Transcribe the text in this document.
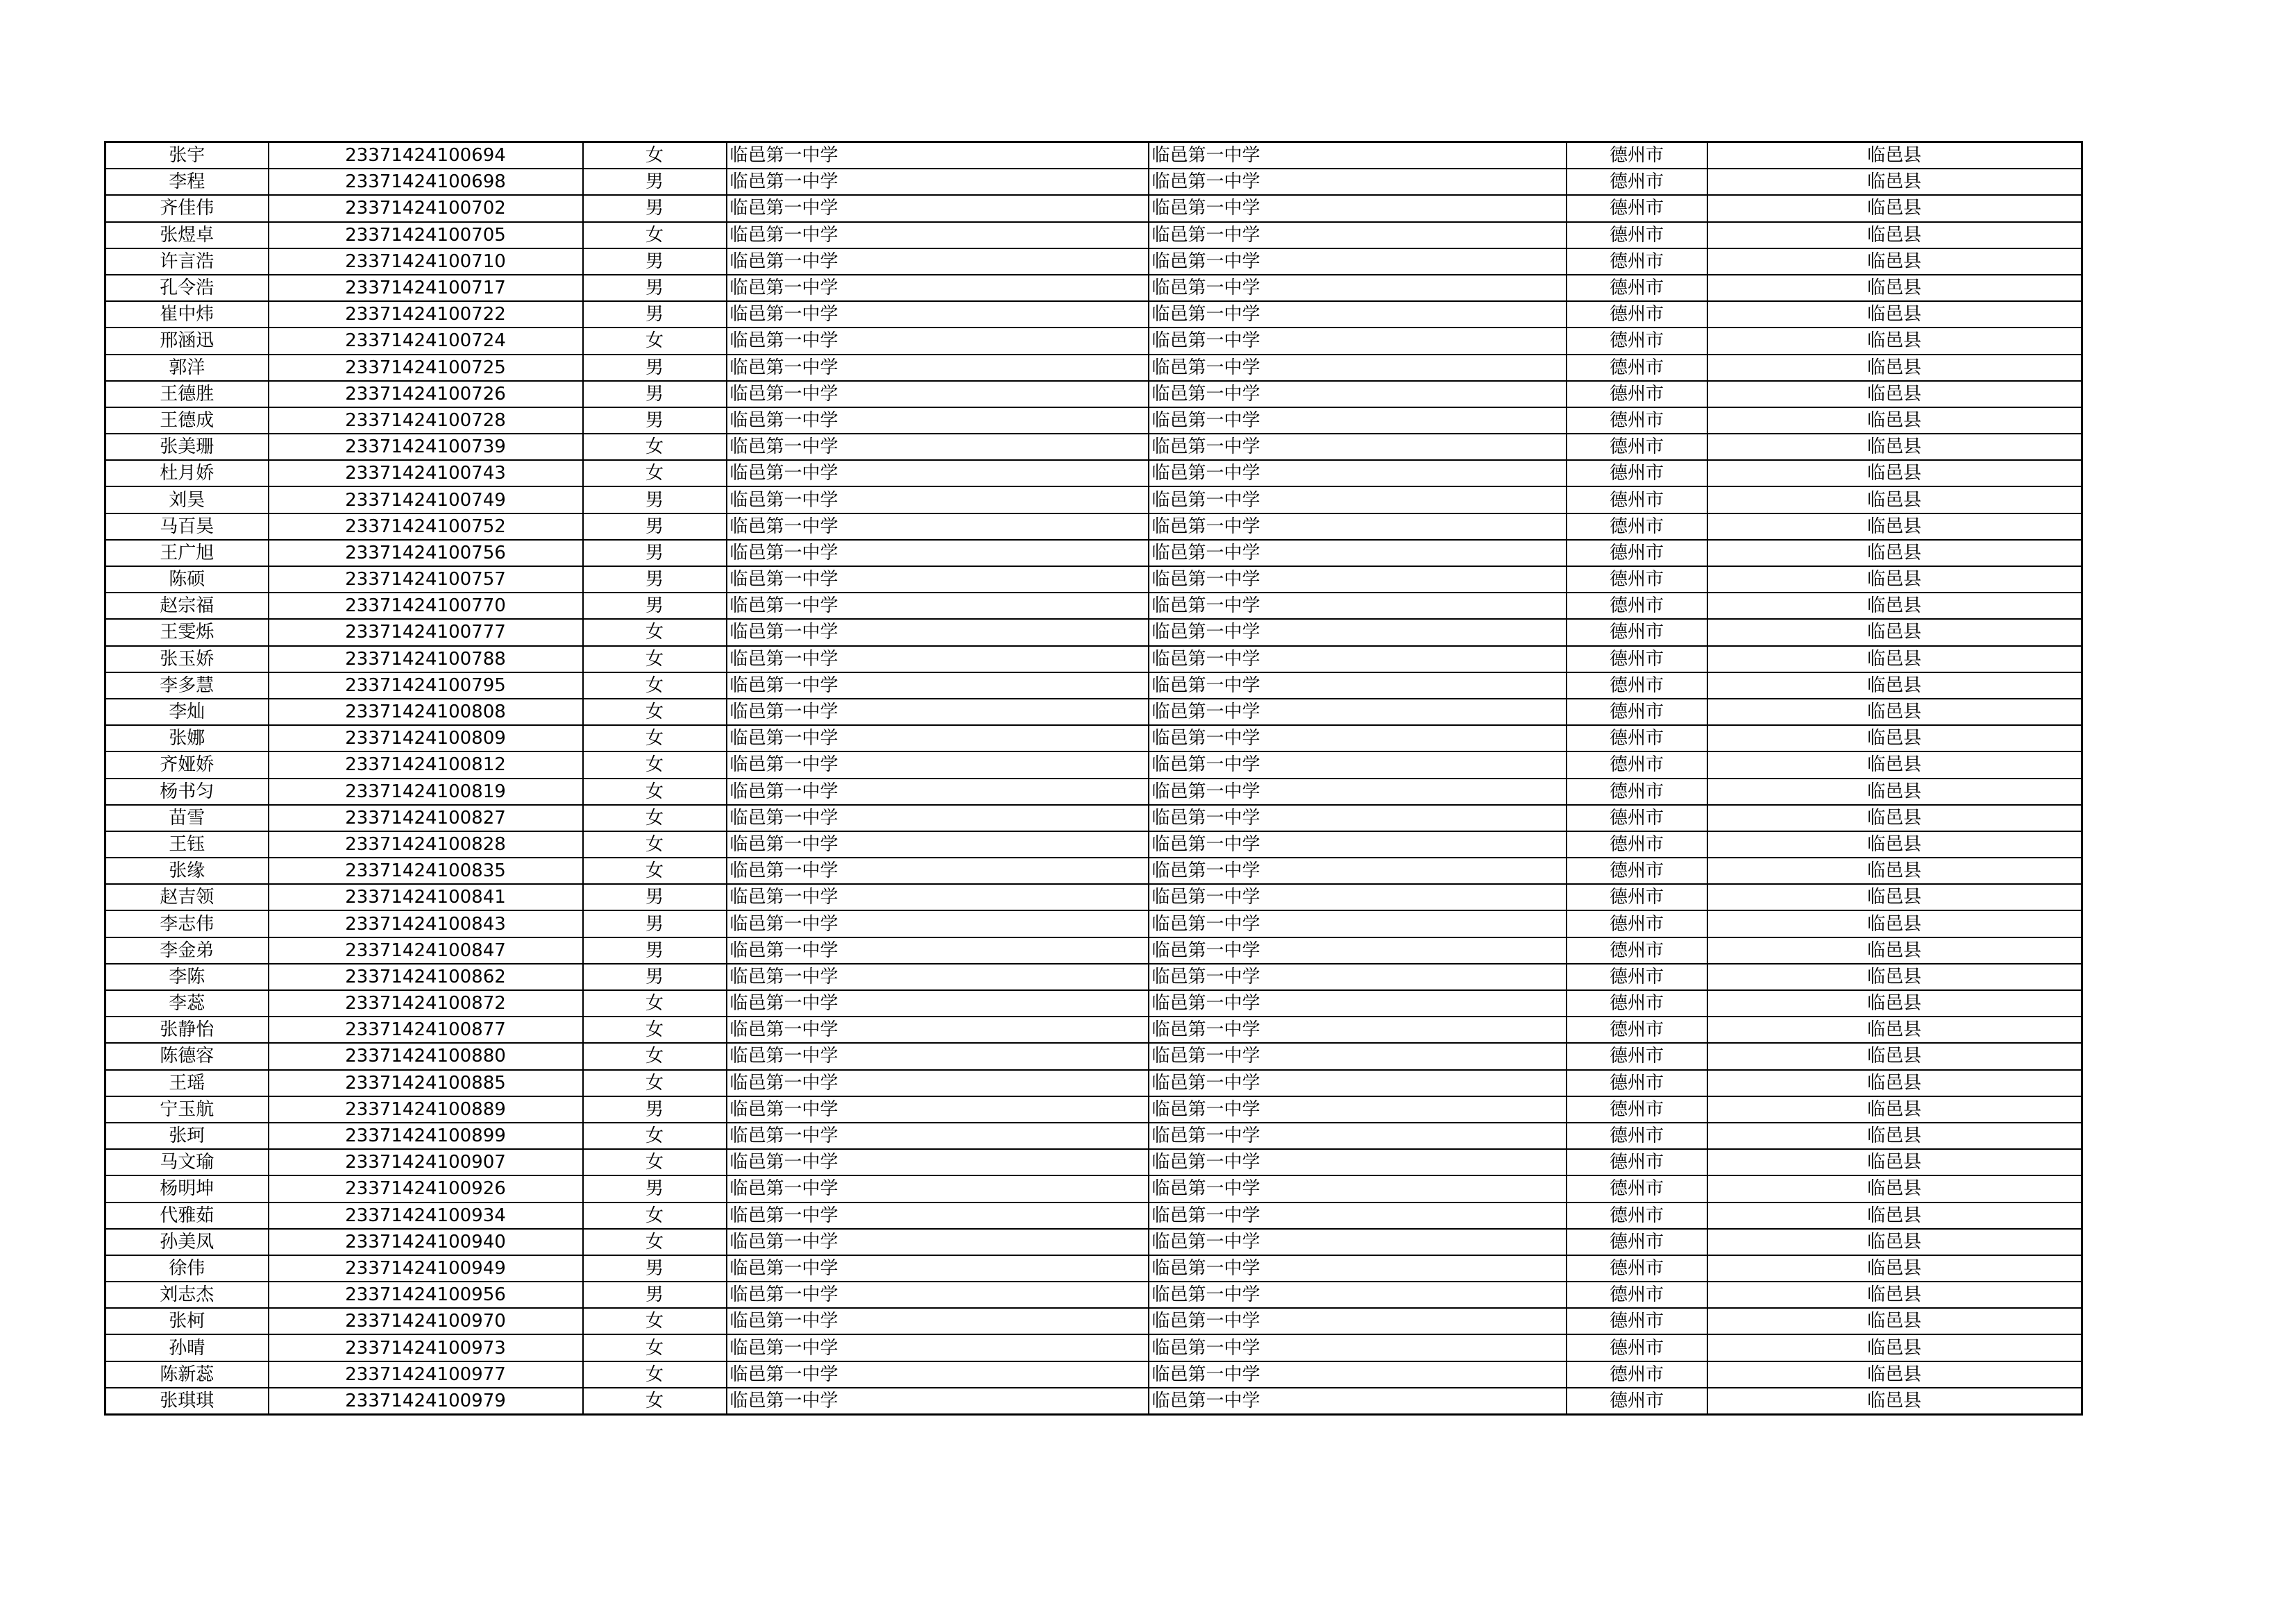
张宇	23371424100694	女	临邑第一中学	临邑第一中学	德州市	临邑县
李程	23371424100698	男	临邑第一中学	临邑第一中学	德州市	临邑县
齐佳伟	23371424100702	男	临邑第一中学	临邑第一中学	德州市	临邑县
张煜卓	23371424100705	女	临邑第一中学	临邑第一中学	德州市	临邑县
许言浩	23371424100710	男	临邑第一中学	临邑第一中学	德州市	临邑县
孔令浩	23371424100717	男	临邑第一中学	临邑第一中学	德州市	临邑县
崔中炜	23371424100722	男	临邑第一中学	临邑第一中学	德州市	临邑县
邢涵迅	23371424100724	女	临邑第一中学	临邑第一中学	德州市	临邑县
郭洋	23371424100725	男	临邑第一中学	临邑第一中学	德州市	临邑县
王德胜	23371424100726	男	临邑第一中学	临邑第一中学	德州市	临邑县
王德成	23371424100728	男	临邑第一中学	临邑第一中学	德州市	临邑县
张美珊	23371424100739	女	临邑第一中学	临邑第一中学	德州市	临邑县
杜月娇	23371424100743	女	临邑第一中学	临邑第一中学	德州市	临邑县
刘昊	23371424100749	男	临邑第一中学	临邑第一中学	德州市	临邑县
马百昊	23371424100752	男	临邑第一中学	临邑第一中学	德州市	临邑县
王广旭	23371424100756	男	临邑第一中学	临邑第一中学	德州市	临邑县
陈硕	23371424100757	男	临邑第一中学	临邑第一中学	德州市	临邑县
赵宗福	23371424100770	男	临邑第一中学	临邑第一中学	德州市	临邑县
王雯烁	23371424100777	女	临邑第一中学	临邑第一中学	德州市	临邑县
张玉娇	23371424100788	女	临邑第一中学	临邑第一中学	德州市	临邑县
李多慧	23371424100795	女	临邑第一中学	临邑第一中学	德州市	临邑县
李灿	23371424100808	女	临邑第一中学	临邑第一中学	德州市	临邑县
张娜	23371424100809	女	临邑第一中学	临邑第一中学	德州市	临邑县
齐娅娇	23371424100812	女	临邑第一中学	临邑第一中学	德州市	临邑县
杨书匀	23371424100819	女	临邑第一中学	临邑第一中学	德州市	临邑县
苗雪	23371424100827	女	临邑第一中学	临邑第一中学	德州市	临邑县
王钰	23371424100828	女	临邑第一中学	临邑第一中学	德州市	临邑县
张缘	23371424100835	女	临邑第一中学	临邑第一中学	德州市	临邑县
赵吉领	23371424100841	男	临邑第一中学	临邑第一中学	德州市	临邑县
李志伟	23371424100843	男	临邑第一中学	临邑第一中学	德州市	临邑县
李金弟	23371424100847	男	临邑第一中学	临邑第一中学	德州市	临邑县
李陈	23371424100862	男	临邑第一中学	临邑第一中学	德州市	临邑县
李蕊	23371424100872	女	临邑第一中学	临邑第一中学	德州市	临邑县
张静怡	23371424100877	女	临邑第一中学	临邑第一中学	德州市	临邑县
陈德容	23371424100880	女	临邑第一中学	临邑第一中学	德州市	临邑县
王瑶	23371424100885	女	临邑第一中学	临邑第一中学	德州市	临邑县
宁玉航	23371424100889	男	临邑第一中学	临邑第一中学	德州市	临邑县
张珂	23371424100899	女	临邑第一中学	临邑第一中学	德州市	临邑县
马文瑜	23371424100907	女	临邑第一中学	临邑第一中学	德州市	临邑县
杨明坤	23371424100926	男	临邑第一中学	临邑第一中学	德州市	临邑县
代雅茹	23371424100934	女	临邑第一中学	临邑第一中学	德州市	临邑县
孙美凤	23371424100940	女	临邑第一中学	临邑第一中学	德州市	临邑县
徐伟	23371424100949	男	临邑第一中学	临邑第一中学	德州市	临邑县
刘志杰	23371424100956	男	临邑第一中学	临邑第一中学	德州市	临邑县
张柯	23371424100970	女	临邑第一中学	临邑第一中学	德州市	临邑县
孙晴	23371424100973	女	临邑第一中学	临邑第一中学	德州市	临邑县
陈新蕊	23371424100977	女	临邑第一中学	临邑第一中学	德州市	临邑县
张琪琪	23371424100979	女	临邑第一中学	临邑第一中学	德州市	临邑县
